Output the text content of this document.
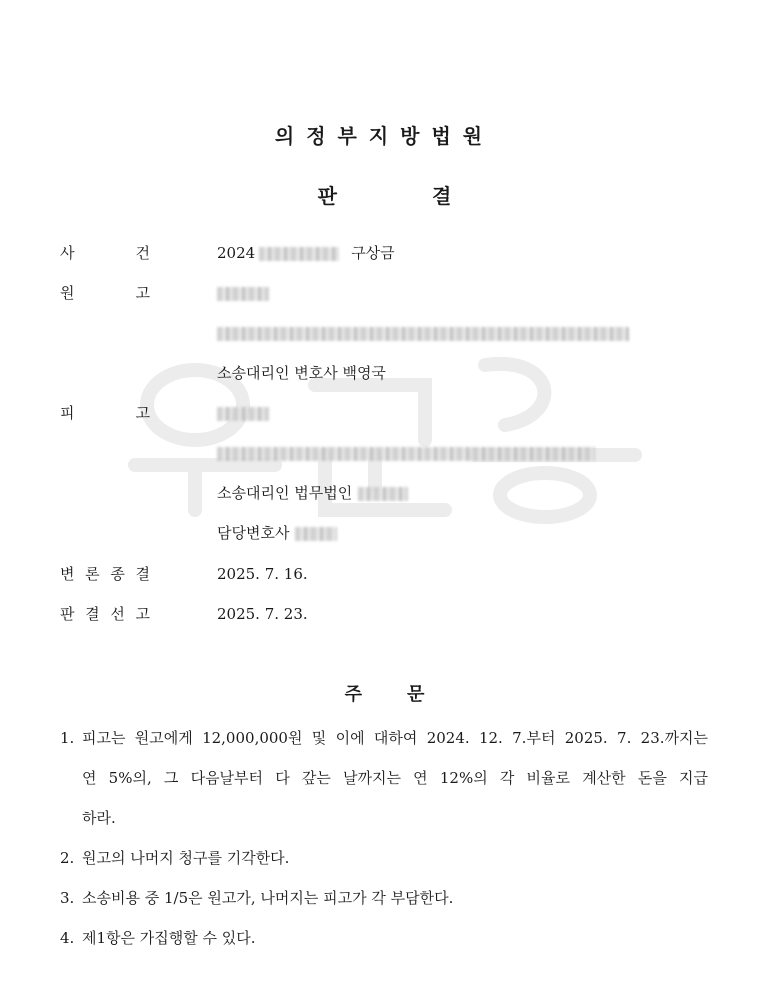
의정부지방법원
판	결
사	건	2024	구상금
원	고
소송대리인 변호사 백영국
피	고
소송대리인 법무법인
담당변호사
변 론 종 결	2025. 7. 16.
판 결 선 고	2025. 7. 23.
주	문
1. 피고는 원고에게 12,000,000원 및 이에 대하여 2024. 12. 7.부터 2025. 7. 23.까지는
연 5%의, 그 다음날부터 다 갚는 날까지는 연 12%의 각 비율로 계산한 돈을 지급
하라.
2. 원고의 나머지 청구를 기각한다.
3. 소송비용 중 1/5은 원고가, 나머지는 피고가 각 부담한다.
4. 제1항은 가집행할 수 있다.
